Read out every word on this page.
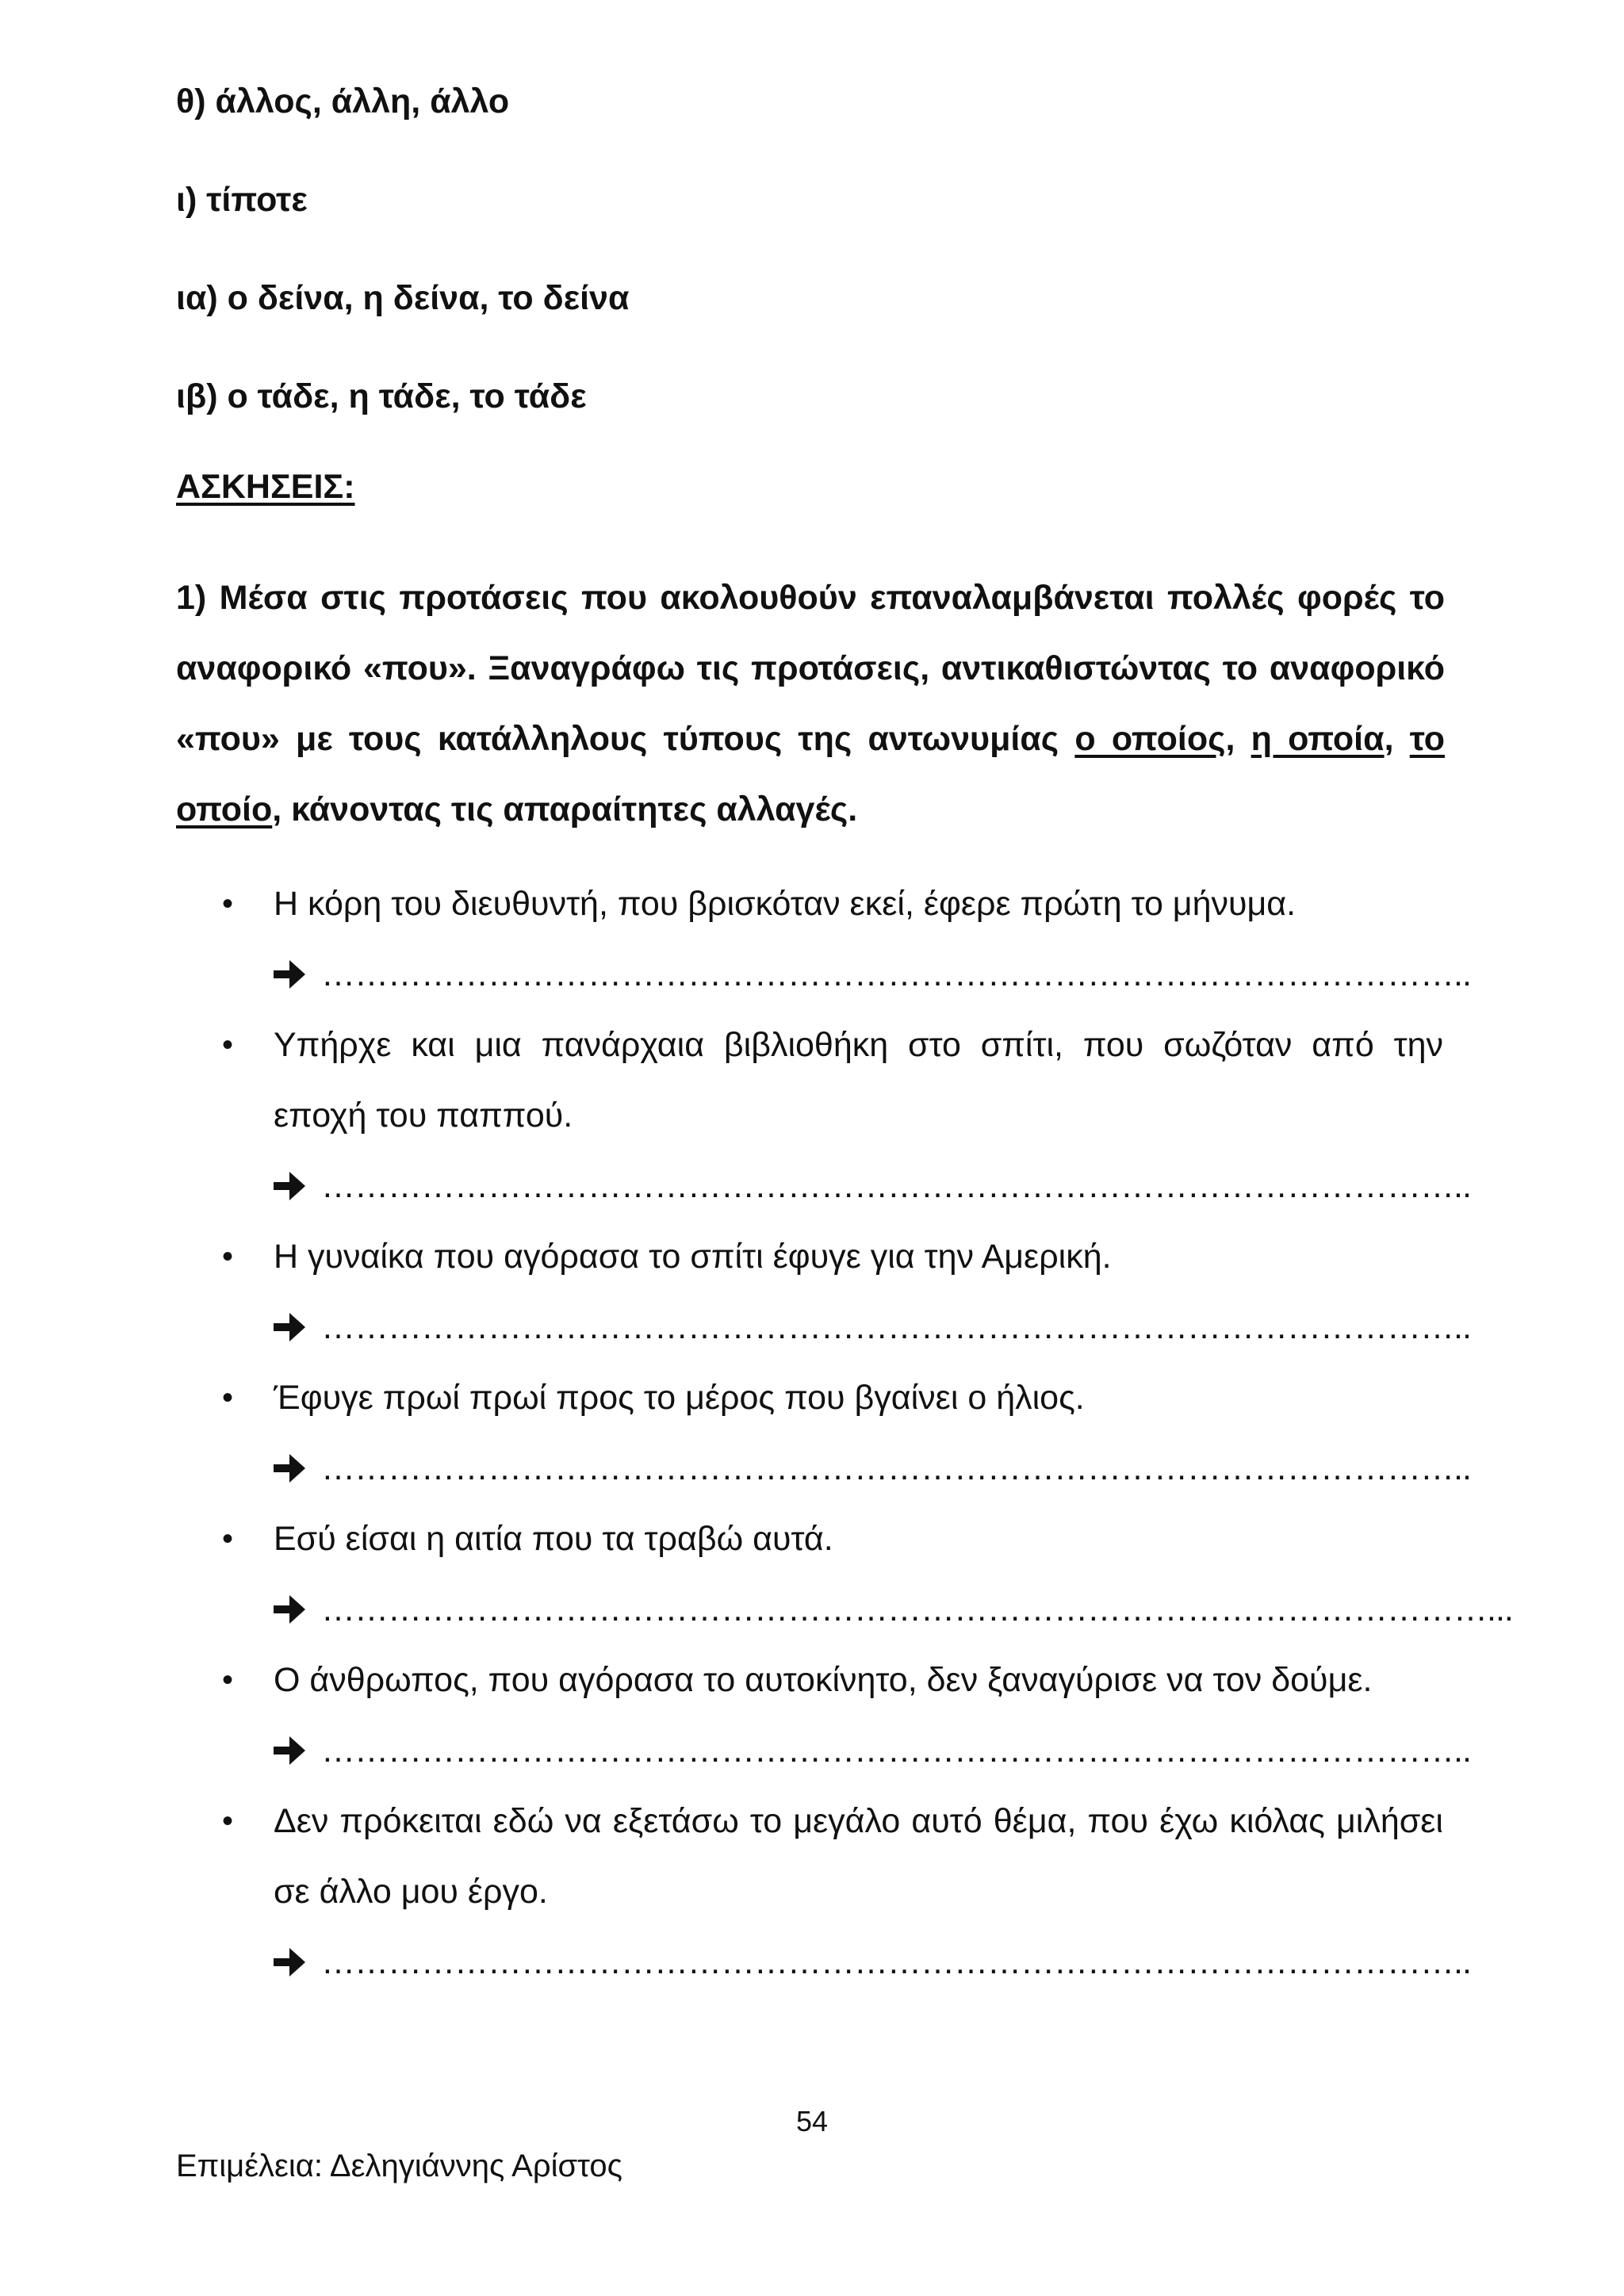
θ) άλλος, άλλη, άλλο
ι) τίποτε
ια) ο δείνα, η δείνα, το δείνα
ιβ) ο τάδε, η τάδε, το τάδε
ΑΣΚΗΣΕΙΣ:
1) Μέσα στις προτάσεις που ακολουθούν επαναλαμβάνεται πολλές φορές το αναφορικό «που». Ξαναγράφω τις προτάσεις, αντικαθιστώντας το αναφορικό «που» με τους κατάλληλους τύπους της αντωνυμίας ο οποίος, η οποία, το οποίο, κάνοντας τις απαραίτητες αλλαγές.
• Η κόρη του διευθυντή, που βρισκόταν εκεί, έφερε πρώτη το μήνυμα.
…………………………………………………………………………………………..
• Υπήρχε και μια πανάρχαια βιβλιοθήκη στο σπίτι, που σωζόταν από την εποχή του παππού.
…………………………………………………………………………………………..
• Η γυναίκα που αγόρασα το σπίτι έφυγε για την Αμερική.
…………………………………………………………………………………………..
• Έφυγε πρωί πρωί προς το μέρος που βγαίνει ο ήλιος.
…………………………………………………………………………………………..
• Εσύ είσαι η αιτία που τα τραβώ αυτά.
……………………………………………………………………………………………...
• Ο άνθρωπος, που αγόρασα το αυτοκίνητο, δεν ξαναγύρισε να τον δούμε.
…………………………………………………………………………………………..
• Δεν πρόκειται εδώ να εξετάσω το μεγάλο αυτό θέμα, που έχω κιόλας μιλήσει σε άλλο μου έργο.
…………………………………………………………………………………………..
54
Επιμέλεια: Δεληγιάννης Αρίστος
